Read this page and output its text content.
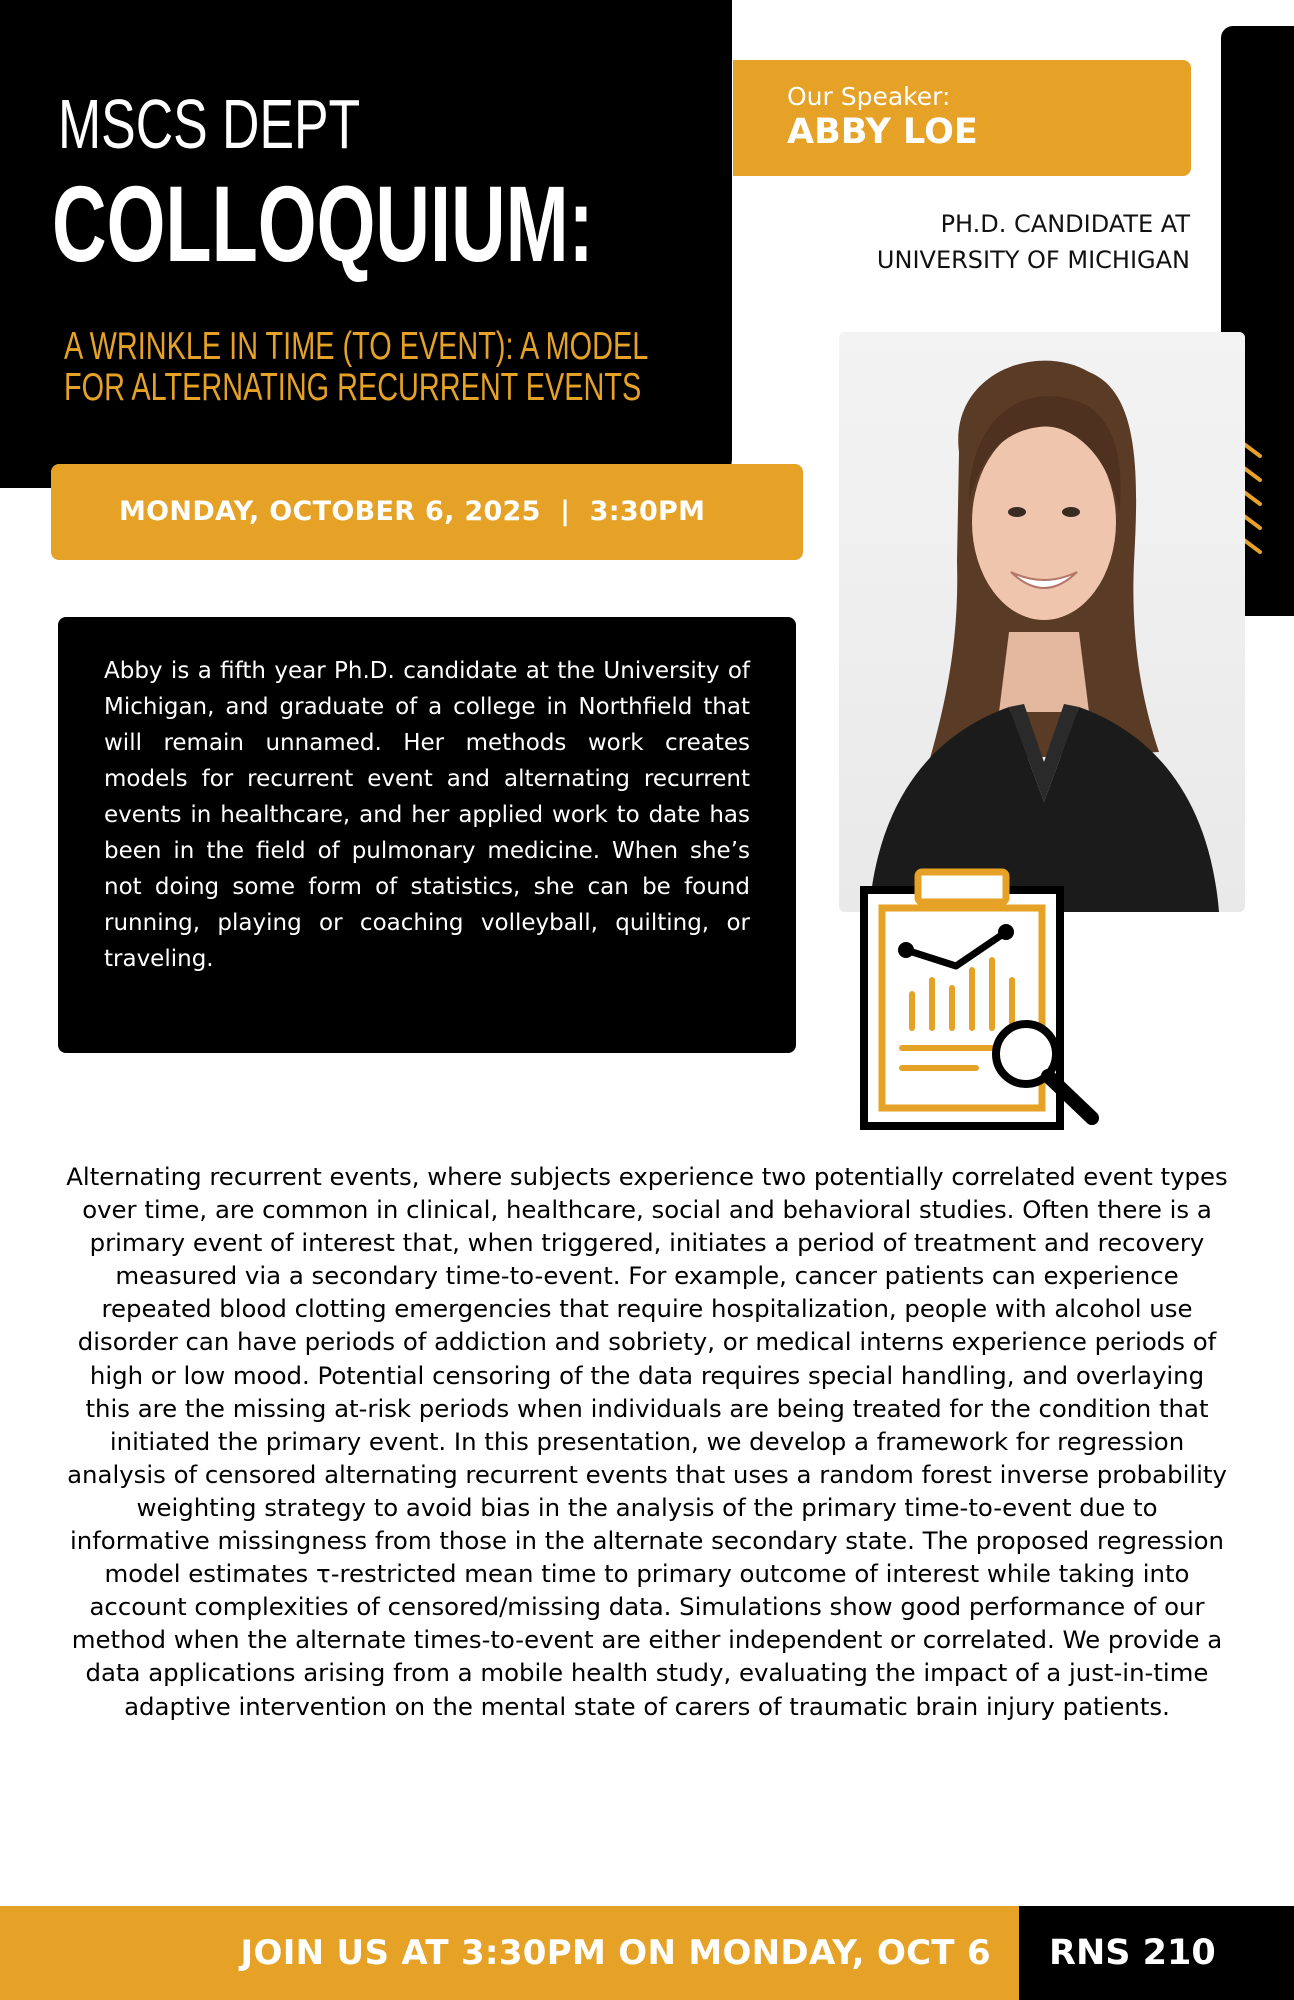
MSCS DEPT
COLLOQUIUM:
A WRINKLE IN TIME (TO EVENT): A MODEL
FOR ALTERNATING RECURRENT EVENTS
MONDAY, OCTOBER 6, 2025  |  3:30PM
Our Speaker:
ABBY LOE
PH.D. CANDIDATE AT
UNIVERSITY OF MICHIGAN

Abby is a fifth year Ph.D. candidate at the University of Michigan, and graduate of a college in Northfield that will remain unnamed. Her methods work creates models for recurrent event and alternating recurrent events in healthcare, and her applied work to date has been in the field of pulmonary medicine. When she’s not doing some form of statistics, she can be found running, playing or coaching volleyball, quilting, or traveling.

Alternating recurrent events, where subjects experience two potentially correlated event types over time, are common in clinical, healthcare, social and behavioral studies. Often there is a primary event of interest that, when triggered, initiates a period of treatment and recovery measured via a secondary time-to-event. For example, cancer patients can experience repeated blood clotting emergencies that require hospitalization, people with alcohol use disorder can have periods of addiction and sobriety, or medical interns experience periods of high or low mood. Potential censoring of the data requires special handling, and overlaying this are the missing at-risk periods when individuals are being treated for the condition that initiated the primary event. In this presentation, we develop a framework for regression analysis of censored alternating recurrent events that uses a random forest inverse probability weighting strategy to avoid bias in the analysis of the primary time-to-event due to informative missingness from those in the alternate secondary state. The proposed regression model estimates τ-restricted mean time to primary outcome of interest while taking into account complexities of censored/missing data. Simulations show good performance of our method when the alternate times-to-event are either independent or correlated. We provide a data applications arising from a mobile health study, evaluating the impact of a just-in-time adaptive intervention on the mental state of carers of traumatic brain injury patients.

JOIN US AT 3:30PM ON MONDAY, OCT 6 RNS 210
